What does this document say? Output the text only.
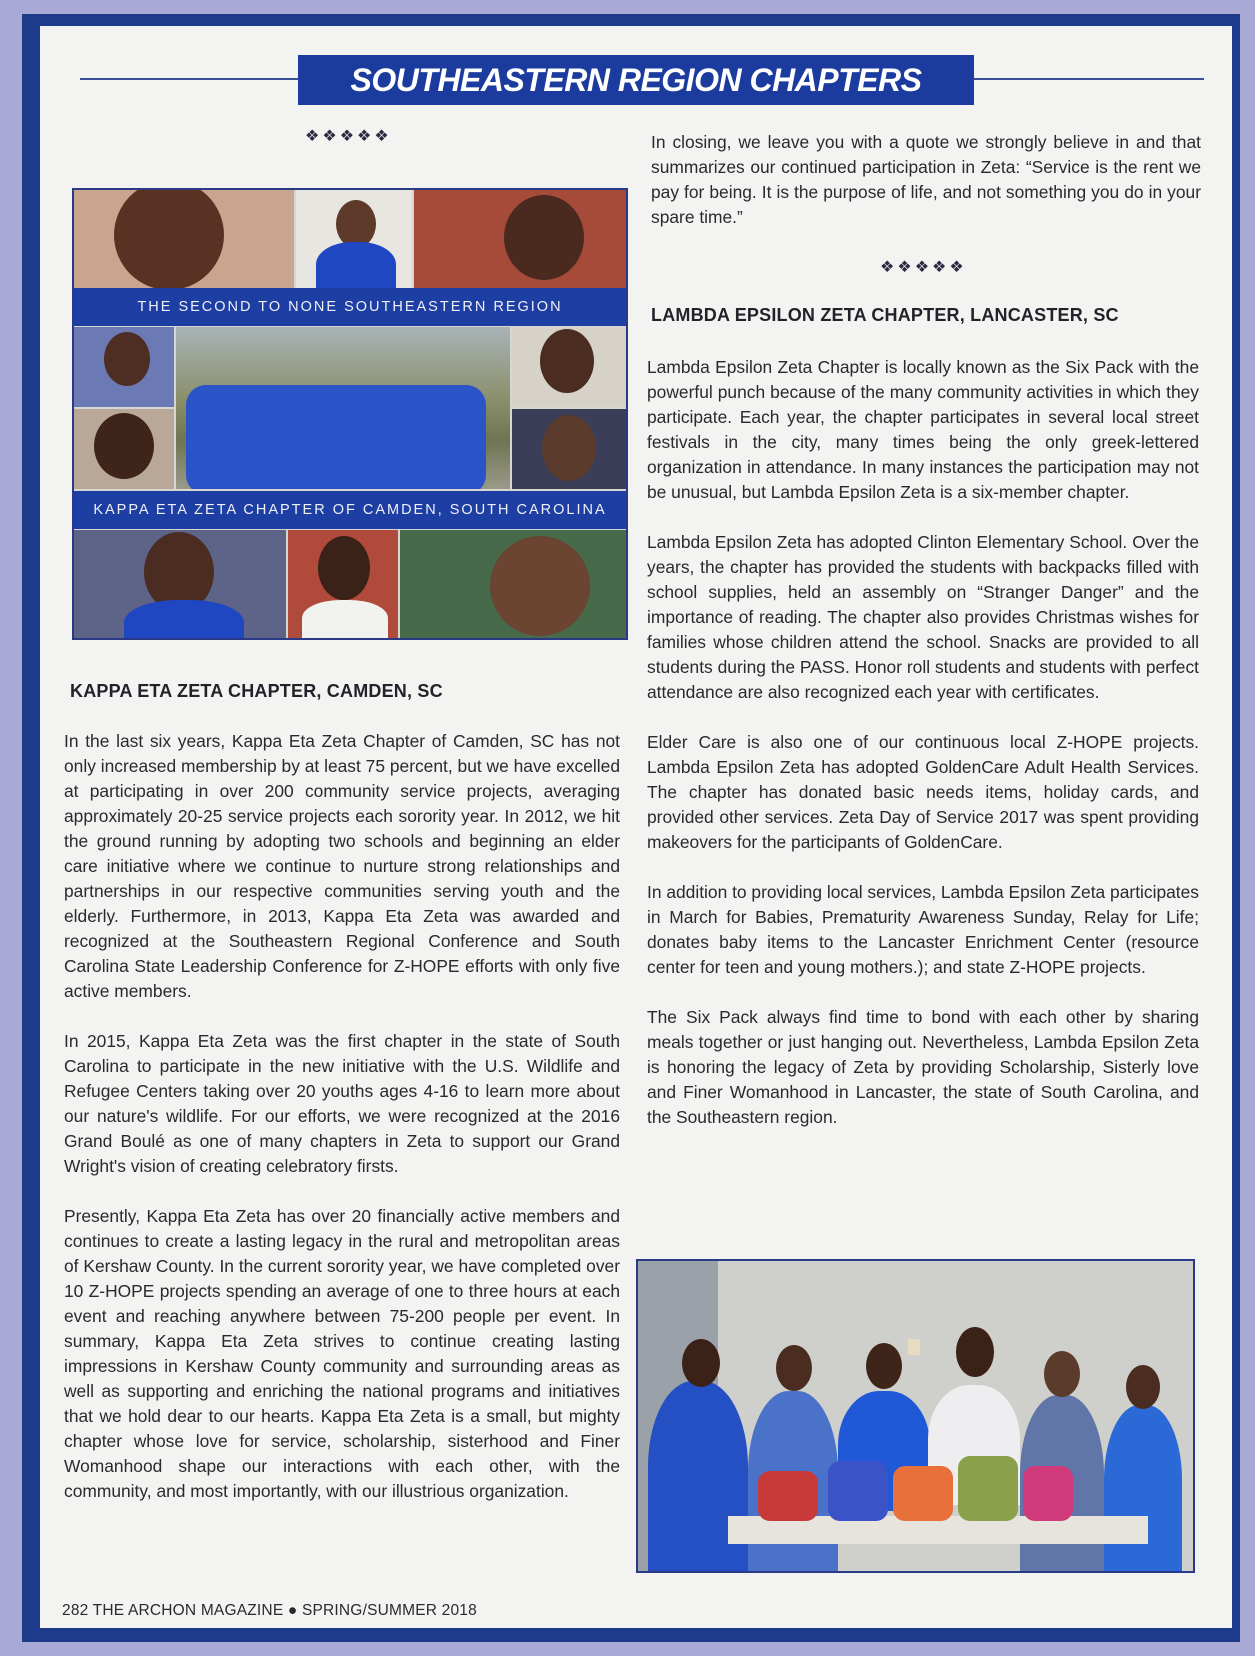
SOUTHEASTERN REGION CHAPTERS
❖❖❖❖❖
THE SECOND TO NONE SOUTHEASTERN REGION
KAPPA ETA ZETA CHAPTER OF CAMDEN, SOUTH CAROLINA
KAPPA ETA ZETA CHAPTER, CAMDEN, SC

In the last six years, Kappa Eta Zeta Chapter of Camden, SC has not only increased membership by at least 75 percent, but we have excelled at participating in over 200 community service projects, averaging approximately 20-25 service projects each sorority year. In 2012, we hit the ground running by adopting two schools and beginning an elder care initiative where we continue to nurture strong relationships and partnerships in our respective communities serving youth and the elderly. Furthermore, in 2013, Kappa Eta Zeta was awarded and recognized at the Southeastern Regional Conference and South Carolina State Leadership Conference for Z-HOPE efforts with only five active members.

In 2015, Kappa Eta Zeta was the first chapter in the state of South Carolina to participate in the new initiative with the U.S. Wildlife and Refugee Centers taking over 20 youths ages 4-16 to learn more about our nature's wildlife. For our efforts, we were recognized at the 2016 Grand Boulé as one of many chapters in Zeta to support our Grand Wright's vision of creating celebratory firsts.

Presently, Kappa Eta Zeta has over 20 financially active members and continues to create a lasting legacy in the rural and metropolitan areas of Kershaw County. In the current sorority year, we have completed over 10 Z-HOPE projects spending an average of one to three hours at each event and reaching anywhere between 75-200 people per event. In summary, Kappa Eta Zeta strives to continue creating lasting impressions in Kershaw County community and surrounding areas as well as supporting and enriching the national programs and initiatives that we hold dear to our hearts. Kappa Eta Zeta is a small, but mighty chapter whose love for service, scholarship, sisterhood and Finer Womanhood shape our interactions with each other, with the community, and most importantly, with our illustrious organization.

In closing, we leave you with a quote we strongly believe in and that summarizes our continued participation in Zeta: “Service is the rent we pay for being. It is the purpose of life, and not something you do in your spare time.”

❖❖❖❖❖
LAMBDA EPSILON ZETA CHAPTER, LANCASTER, SC

Lambda Epsilon Zeta Chapter is locally known as the Six Pack with the powerful punch because of the many community activities in which they participate. Each year, the chapter participates in several local street festivals in the city, many times being the only greek-lettered organization in attendance. In many instances the participation may not be unusual, but Lambda Epsilon Zeta is a six-member chapter.

Lambda Epsilon Zeta has adopted Clinton Elementary School. Over the years, the chapter has provided the students with backpacks filled with school supplies, held an assembly on “Stranger Danger” and the importance of reading. The chapter also provides Christmas wishes for families whose children attend the school. Snacks are provided to all students during the PASS. Honor roll students and students with perfect attendance are also recognized each year with certificates.

Elder Care is also one of our continuous local Z-HOPE projects. Lambda Epsilon Zeta has adopted GoldenCare Adult Health Services. The chapter has donated basic needs items, holiday cards, and provided other services. Zeta Day of Service 2017 was spent providing makeovers for the participants of GoldenCare.

In addition to providing local services, Lambda Epsilon Zeta participates in March for Babies, Prematurity Awareness Sunday, Relay for Life; donates baby items to the Lancaster Enrichment Center (resource center for teen and young mothers.); and state Z-HOPE projects.

The Six Pack always find time to bond with each other by sharing meals together or just hanging out. Nevertheless, Lambda Epsilon Zeta is honoring the legacy of Zeta by providing Scholarship, Sisterly love and Finer Womanhood in Lancaster, the state of South Carolina, and the Southeastern region.

282 THE ARCHON MAGAZINE ● SPRING/SUMMER 2018
